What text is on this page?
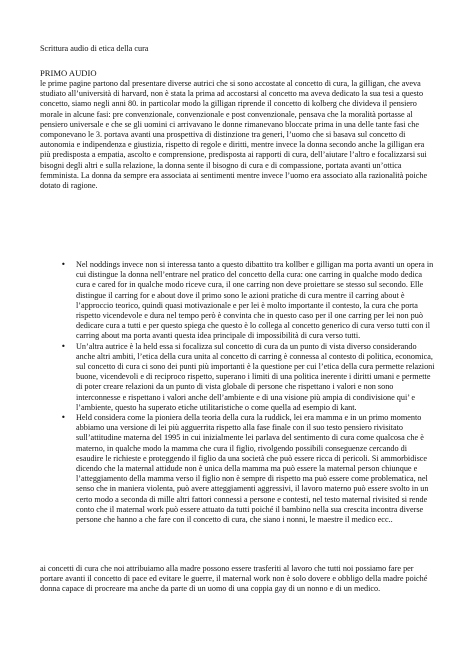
Scrittura audio di etica della cura
PRIMO AUDIO

le prime pagine partono dal presentare diverse autrici che si sono accostate al concetto di cura, la gilligan, che aveva studiato all’università di harvard, non è stata la prima ad accostarsi al concetto ma aveva dedicato la sua tesi a questo concetto, siamo negli anni 80. in particolar modo la gilligan riprende il concetto di kolberg che divideva il pensiero morale in alcune fasi: pre convenzionale, convenzionale e post convenzionale, pensava che la moralità portasse al pensiero universale e che se gli uomini ci arrivavano le donne rimanevano bloccate prima in una delle tante fasi che componevano le 3. portava avanti una prospettiva di distinzione tra generi, l’uomo che si basava sul concetto di autonomia e indipendenza e giustizia, rispetto di regole e diritti, mentre invece la donna secondo anche la gilligan era più predisposta a empatia, ascolto e comprensione, predisposta ai rapporti di cura, dell’aiutare l’altro e focalizzarsi sui bisogni degli altri e sulla relazione, la donna sente il bisogno di cura e di compassione, portata avanti un’ottica femminista. La donna da sempre era associata ai sentimenti mentre invece l’uomo era associato alla razionalità poiche dotato di ragione.

•	Nel noddings invece non si interessa tanto a questo dibattito tra kollber e gilligan ma porta avanti un opera in cui distingue la donna nell’entrare nel pratico del concetto della cura: one carring in qualche modo dedica cura e cared for in qualche modo riceve cura, il one carring non deve proiettare se stesso sul secondo. Elle distingue il carring for e about dove il primo sono le azioni pratiche di cura mentre il carring about è l’approccio teorico, quindi quasi motivazionale e per lei è molto importante il contesto, la cura che porta rispetto vicendevole e dura nel tempo però è convinta che in questo caso per il one carring per lei non può dedicare cura a tutti e per questo spiega che questo è lo collega al concetto generico di cura verso tutti con il carring about ma porta avanti questa idea principale di impossibilità di cura verso tutti.
•	Un’altra autrice è la held essa si focalizza sul concetto di cura da un punto di vista diverso considerando anche altri ambiti, l’etica della cura unita al concetto di carring è connessa al contesto di politica, economica, sul concetto di cura ci sono dei punti più importanti è la questione per cui l’etica della cura permette relazioni buone, vicendevoli e di reciproco rispetto, superano i limiti di una politica inerente i diritti umani e permette di poter creare relazioni da un punto di vista globale di persone che rispettano i valori e non sono interconnesse e rispettano i valori anche dell’ambiente e di una visione più ampia di condivisione qui’ e l’ambiente, questo ha superato etiche utilitaristiche o come quella ad esempio di kant.
•	Held considera come la pioniera della teoria della cura la ruddick, lei era mamma e in un primo momento abbiamo una versione di lei più agguerrita rispetto alla fase finale con il suo testo pensiero rivisitato sull’attitudine materna del 1995 in cui inizialmente lei parlava del sentimento di cura come qualcosa che è materno, in qualche modo la mamma che cura il figlio, rivolgendo possibili conseguenze cercando di esaudire le richieste e proteggendo il figlio da una società che può essere ricca di pericoli. Si ammorbidisce dicendo che la maternal attidude non è unica della mamma ma può essere la maternal person chiunque e l’atteggiamento della mamma verso il figlio non è sempre di rispetto ma può essere come problematica, nel senso che in maniera violenta, può avere atteggiamenti aggressivi, il lavoro materno può essere svolto in un certo modo a seconda di mille altri fattori connessi a persone e contesti, nel testo maternal rivisited si rende conto che il maternal work può essere attuato da tutti poiché il bambino nella sua crescita incontra diverse persone che hanno a che fare con il concetto di cura, che siano i nonni, le maestre il medico ecc..

ai concetti di cura che noi attribuiamo alla madre possono essere trasferiti al lavoro che tutti noi possiamo fare per portare avanti il concetto di pace ed evitare le guerre, il maternal work non è solo dovere e obbligo della madre poiché donna capace di procreare ma anche da parte di un uomo di una coppia gay di un nonno e di un medico.
